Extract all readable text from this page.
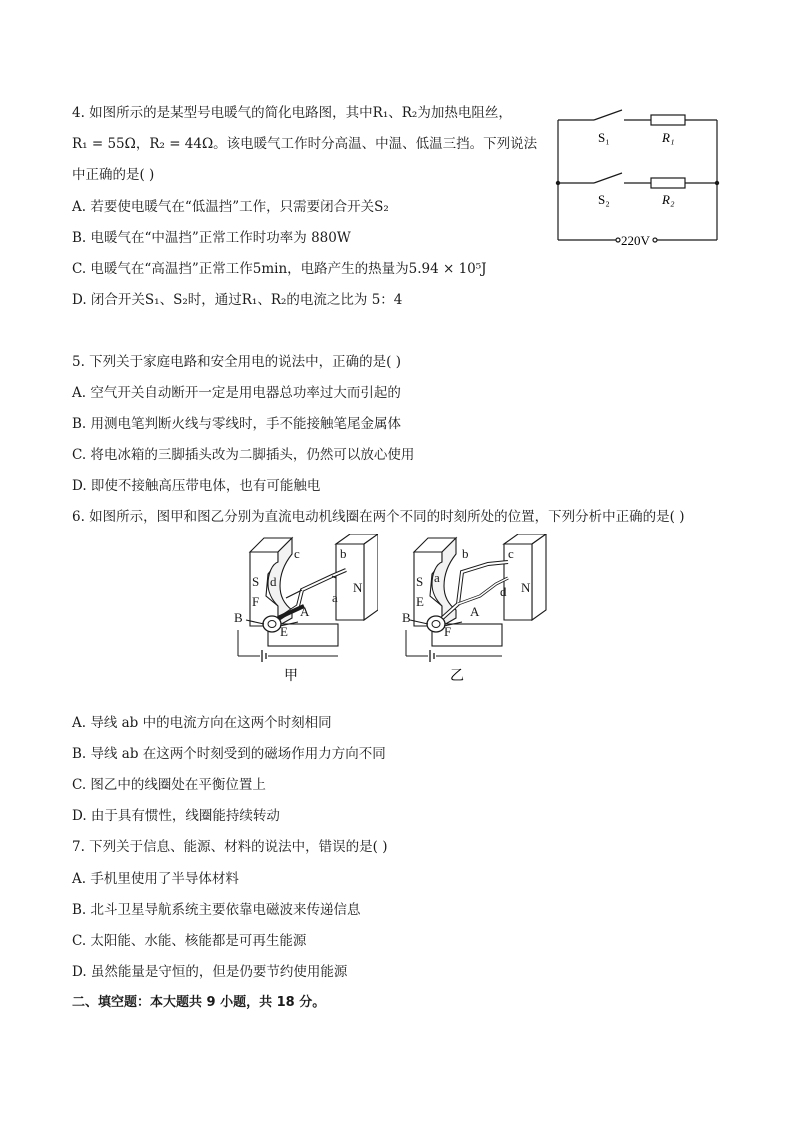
4. 如图所示的是某型号电暖气的简化电路图，其中R₁、R₂为加热电阻丝，
R₁ = 55Ω，R₂ = 44Ω。该电暖气工作时分高温、中温、低温三挡。下列说法
中正确的是( )
A. 若要使电暖气在“低温挡”工作，只需要闭合开关S₂
B. 电暖气在“中温挡”正常工作时功率为 880W
C. 电暖气在“高温挡”正常工作5min，电路产生的热量为5.94 × 10⁵J
D. 闭合开关S₁、S₂时，通过R₁、R₂的电流之比为 5：4
S₁	R₁
S₂	R₂
220V
5. 下列关于家庭电路和安全用电的说法中，正确的是( )
A. 空气开关自动断开一定是用电器总功率过大而引起的
B. 用测电笔判断火线与零线时，手不能接触笔尾金属体
C. 将电冰箱的三脚插头改为二脚插头，仍然可以放心使用
D. 即使不接触高压带电体，也有可能触电
6. 如图所示，图甲和图乙分别为直流电动机线圈在两个不同的时刻所处的位置，下列分析中正确的是( )
S	N
c	b
d
a
F
A
B
E
甲
S	N
b	c
a
d
E
A
B
F
乙
A. 导线 ab 中的电流方向在这两个时刻相同
B. 导线 ab 在这两个时刻受到的磁场作用力方向不同
C. 图乙中的线圈处在平衡位置上
D. 由于具有惯性，线圈能持续转动
7. 下列关于信息、能源、材料的说法中，错误的是( )
A. 手机里使用了半导体材料
B. 北斗卫星导航系统主要依靠电磁波来传递信息
C. 太阳能、水能、核能都是可再生能源
D. 虽然能量是守恒的，但是仍要节约使用能源
二、填空题：本大题共 9 小题，共 18 分。
